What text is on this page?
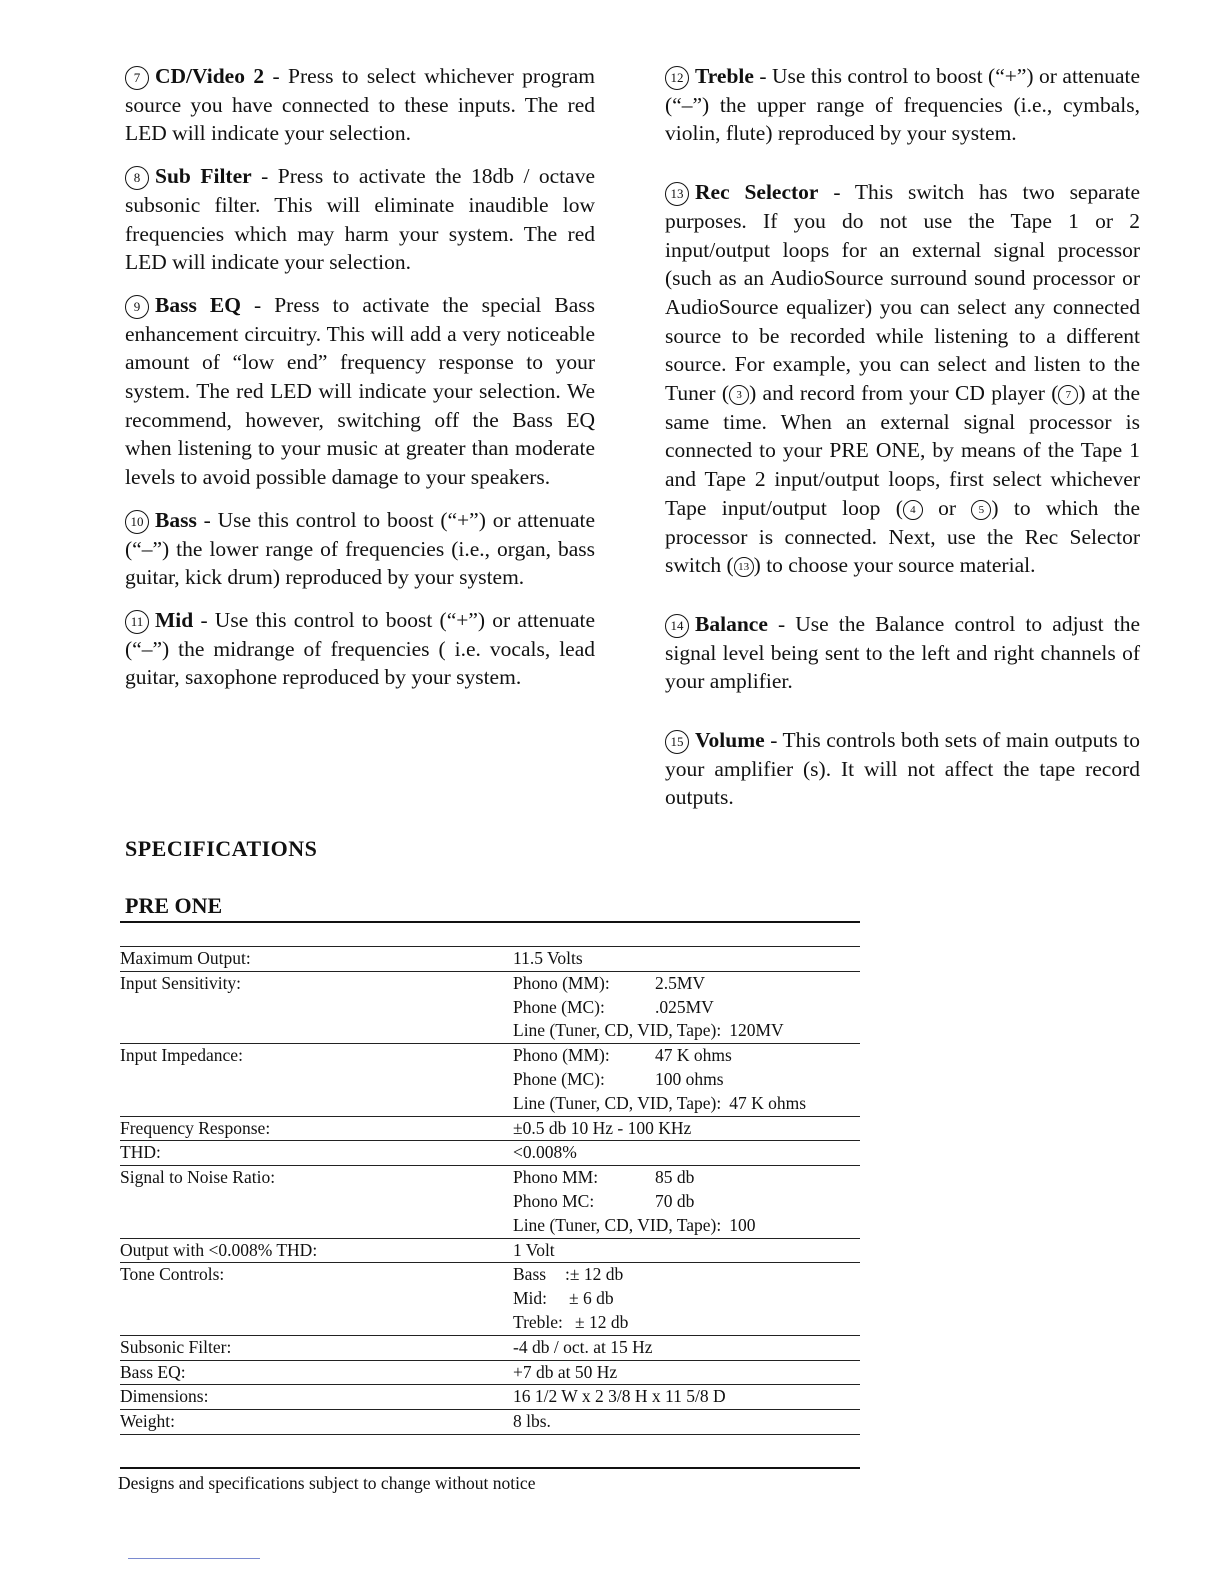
7 CD/Video 2 - Press to select whichever program source you have connected to these inputs. The red LED will indicate your selection.

8 Sub Filter - Press to activate the 18db / octave subsonic filter. This will eliminate inaudible low frequencies which may harm your system. The red LED will indicate your selection.

9 Bass EQ - Press to activate the special Bass enhancement circuitry. This will add a very noticeable amount of “low end” frequency response to your system. The red LED will indicate your selection. We recommend, however, switching off the Bass EQ when listening to your music at greater than moderate levels to avoid possible damage to your speakers.

10 Bass - Use this control to boost (“+”) or attenuate (“–”) the lower range of frequencies (i.e., organ, bass guitar, kick drum) reproduced by your system.

11 Mid - Use this control to boost (“+”) or attenuate (“–”) the midrange of frequencies ( i.e. vocals, lead guitar, saxophone reproduced by your system.

12 Treble - Use this control to boost (“+”) or attenuate (“–”) the upper range of frequencies (i.e., cymbals, violin, flute) reproduced by your system.

13 Rec Selector - This switch has two separate purposes. If you do not use the Tape 1 or 2 input/output loops for an external signal processor (such as an AudioSource surround sound processor or AudioSource equalizer) you can select any connected source to be recorded while listening to a different source. For example, you can select and listen to the Tuner ( 3 ) and record from your CD player ( 7 ) at the same time. When an external signal processor is connected to your PRE ONE, by means of the Tape 1 and Tape 2 input/output loops, first select whichever Tape input/output loop ( 4 or 5 ) to which the processor is connected. Next, use the Rec Selector switch ( 13 ) to choose your source material.

14 Balance - Use the Balance control to adjust the signal level being sent to the left and right channels of your amplifier.

15 Volume - This controls both sets of main outputs to your amplifier (s). It will not affect the tape record outputs.

SPECIFICATIONS
PRE ONE
Maximum Output:	11.5 Volts
Input Sensitivity:	Phono (MM):	2.5MV
Phone (MC):	.025MV
Line (Tuner, CD, VID, Tape): 120MV
Input Impedance:	Phono (MM):	47 K ohms
Phone (MC):	100 ohms
Line (Tuner, CD, VID, Tape): 47 K ohms
Frequency Response:	±0.5 db 10 Hz - 100 KHz
THD:	<0.008%
Signal to Noise Ratio:	Phono MM:	85 db
Phono MC:	70 db
Line (Tuner, CD, VID, Tape): 100
Output with <0.008% THD:	1 Volt
Tone Controls:	Bass	:± 12 db
Mid:	± 6 db
Treble: ± 12 db
Subsonic Filter:	-4 db / oct. at 15 Hz
Bass EQ:	+7 db at 50 Hz
Dimensions:	16 1/2 W x 2 3/8 H x 11 5/8 D
Weight:	8 lbs.
Designs and specifications subject to change without notice
